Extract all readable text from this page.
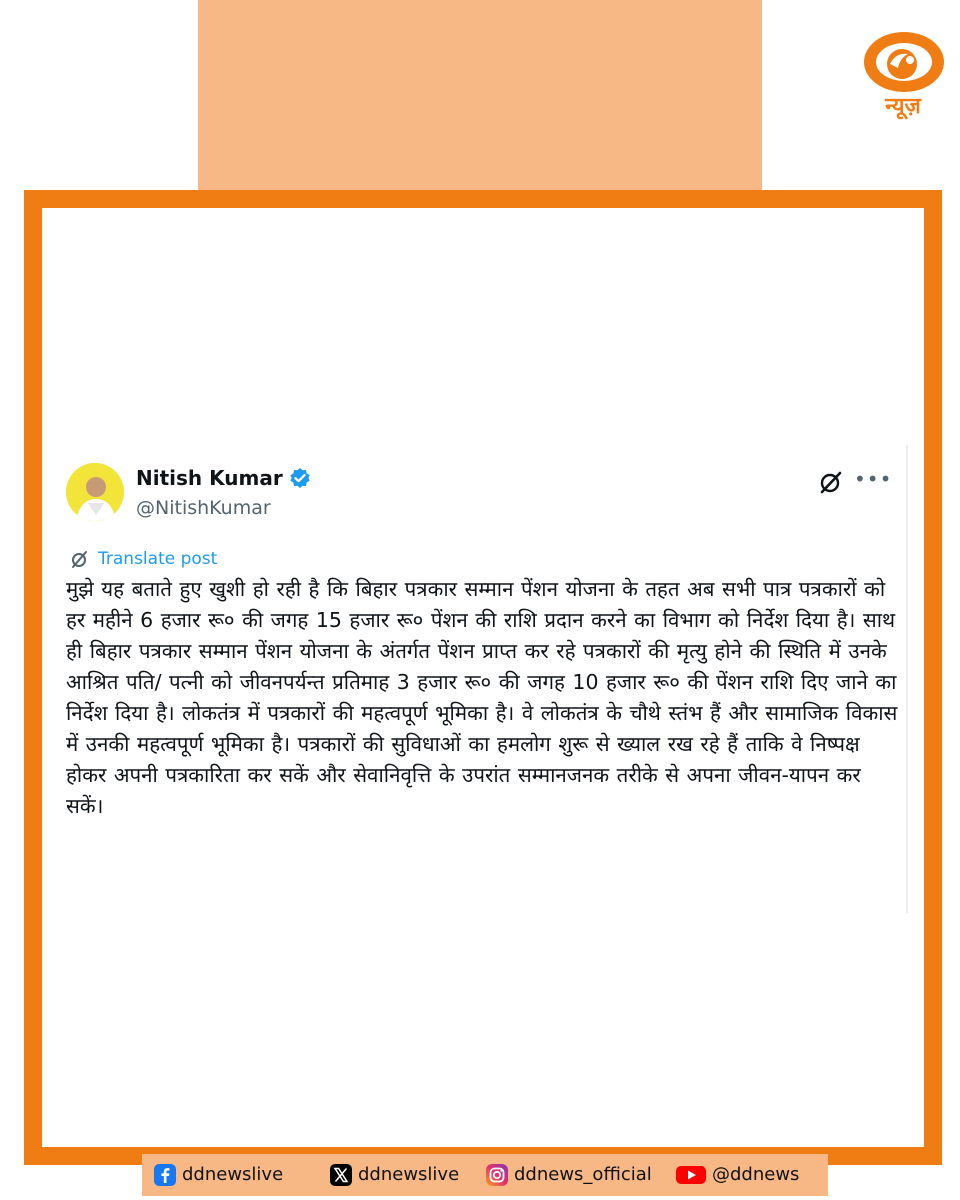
न्यूज़
Nitish Kumar
@NitishKumar
•••
Translate post
मुझे यह बताते हुए खुशी हो रही है कि बिहार पत्रकार सम्मान पेंशन योजना के तहत अब सभी पात्र पत्रकारों को हर महीने 6 हजार रू० की जगह 15 हजार रू० पेंशन की राशि प्रदान करने का विभाग को निर्देश दिया है। साथ ही बिहार पत्रकार सम्मान पेंशन योजना के अंतर्गत पेंशन प्राप्त कर रहे पत्रकारों की मृत्यु होने की स्थिति में उनके आश्रित पति/ पत्नी को जीवनपर्यन्त प्रतिमाह 3 हजार रू० की जगह 10 हजार रू० की पेंशन राशि दिए जाने का निर्देश दिया है। लोकतंत्र में पत्रकारों की महत्वपूर्ण भूमिका है। वे लोकतंत्र के चौथे स्तंभ हैं और सामाजिक विकास में उनकी महत्वपूर्ण भूमिका है। पत्रकारों की सुविधाओं का हमलोग शुरू से ख्याल रख रहे हैं ताकि वे निष्पक्ष होकर अपनी पत्रकारिता कर सकें और सेवानिवृत्ति के उपरांत सम्मानजनक तरीके से अपना जीवन-यापन कर सकें।
ddnewslive	ddnewslive	ddnews_official	@ddnews
